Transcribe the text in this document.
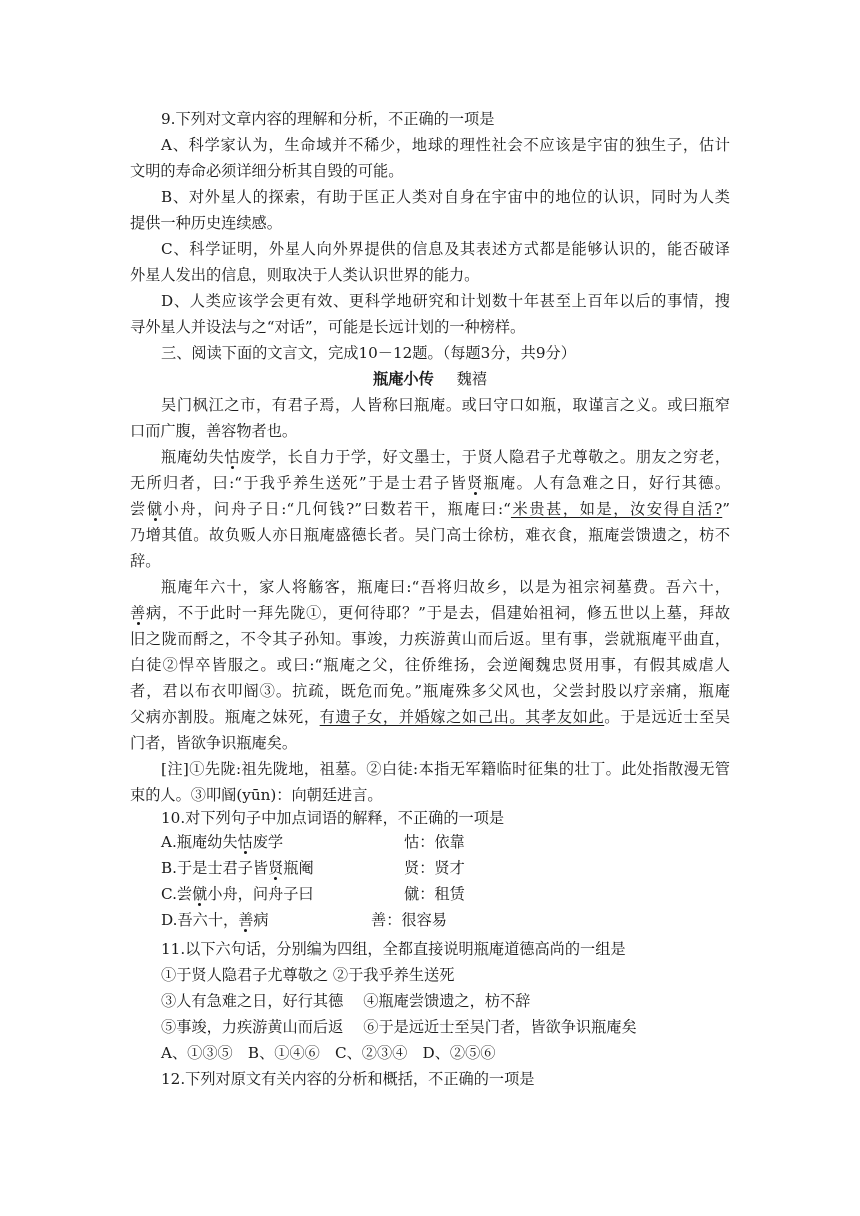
9.下列对文章内容的理解和分析，不正确的一项是
A、科学家认为，生命域并不稀少，地球的理性社会不应该是宇宙的独生子，估计
文明的寿命必须详细分析其自毁的可能。
B、对外星人的探索，有助于匡正人类对自身在宇宙中的地位的认识，同时为人类
提供一种历史连续感。
C、科学证明，外星人向外界提供的信息及其表述方式都是能够认识的，能否破译
外星人发出的信息，则取决于人类认识世界的能力。
D、人类应该学会更有效、更科学地研究和计划数十年甚至上百年以后的事情，搜
寻外星人并设法与之“对话”，可能是长远计划的一种榜样。
三、阅读下面的文言文，完成10－12题。（每题3分，共9分）
瓶庵小传   魏禧
吴门枫江之市，有君子焉，人皆称曰瓶庵。或曰守口如瓶，取谨言之义。或曰瓶窄
口而广腹，善容物者也。
瓶庵幼失怙废学，长自力于学，好文墨士，于贤人隐君子尤尊敬之。朋友之穷老，
无所归者，曰:“于我乎养生送死”于是士君子皆贤瓶庵。人有急难之日，好行其德。
尝僦小舟，问舟子日:“几何钱?”曰数若干，瓶庵曰:“米贵甚，如是，汝安得自活?”
乃增其值。故负贩人亦日瓶庵盛德长者。吴门高士徐枋，难衣食，瓶庵尝馈遗之，枋不
辞。
瓶庵年六十，家人将觞客，瓶庵曰:“吾将归故乡，以是为祖宗祠墓费。吾六十，
善病，不于此时一拜先陇①，更何待耶？”于是去，倡建始祖祠，修五世以上墓，拜故
旧之陇而酹之，不令其子孙知。事竣，力疾游黄山而后返。里有事，尝就瓶庵平曲直，
白徒②悍卒皆服之。或曰:“瓶庵之父，往侨维扬，会逆阉魏忠贤用事，有假其威虐人
者，君以布衣叩阍③。抗疏，既危而免。”瓶庵殊多父风也，父尝封股以疗亲痛，瓶庵
父病亦割股。瓶庵之妹死，有遗子女，并婚嫁之如己出。其孝友如此。于是远近士至吴
门者，皆欲争识瓶庵矣。
[注]①先陇:祖先陇地，祖墓。②白徒:本指无军籍临时征集的壮丁。此处指散漫无管
束的人。③叩阍(yūn)：向朝廷进言。
10.对下列句子中加点词语的解释，不正确的一项是
A.瓶庵幼失怙废学	怙：依靠
B.于是士君子皆贤瓶阉	贤：贤才
C.尝僦小舟，问舟子曰	僦：租赁
D.吾六十，善病	善：很容易
11.以下六句话，分别编为四组，全都直接说明瓶庵道德高尚的一组是
①于贤人隐君子尤尊敬之 ②于我乎养生送死
③人有急难之日，好行其德　 ④瓶庵尝馈遗之，枋不辞
⑤事竣，力疾游黄山而后返　 ⑥于是远近士至吴门者，皆欲争识瓶庵矣
A、①③⑤　B、①④⑥　C、②③④　D、②⑤⑥
12.下列对原文有关内容的分析和概括，不正确的一项是
